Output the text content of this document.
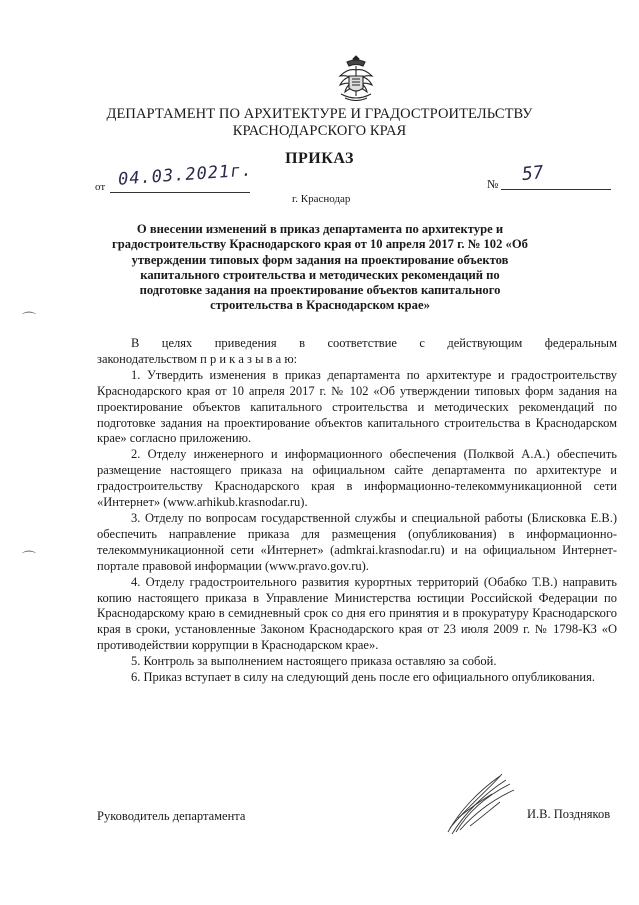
ДЕПАРТАМЕНТ ПО АРХИТЕКТУРЕ И ГРАДОСТРОИТЕЛЬСТВУ
КРАСНОДАРСКОГО КРАЯ
ПРИКАЗ
от 04.03.2021г.	№ 57
г. Краснодар
О внесении изменений в приказ департамента по архитектуре и градостроительству Краснодарского края от 10 апреля 2017 г. № 102 «Об утверждении типовых форм задания на проектирование объектов капитального строительства и методических рекомендаций по подготовке задания на проектирование объектов капитального строительства в Краснодарском крае»
⌒
⌒

В целях приведения в соответствие с действующим федеральным

законодательством п р и к а з ы в а ю:

1. Утвердить изменения в приказ департамента по архитектуре и градостроительству Краснодарского края от 10 апреля 2017 г. № 102 «Об утверждении типовых форм задания на проектирование объектов капитального строительства и методических рекомендаций по подготовке задания на проектирование объектов капитального строительства в Краснодарском крае» согласно приложению.

2. Отделу инженерного и информационного обеспечения (Полквой А.А.) обеспечить размещение настоящего приказа на официальном сайте департамента по архитектуре и градостроительству Краснодарского края в информационно-телекоммуникационной сети «Интернет» (www.arhikub.krasnodar.ru).

3. Отделу по вопросам государственной службы и специальной работы (Блисковка Е.В.) обеспечить направление приказа для размещения (опубликования) в информационно-телекоммуникационной сети «Интернет» (admkrai.krasnodar.ru) и на официальном Интернет-портале правовой информации (www.pravo.gov.ru).

4. Отделу градостроительного развития курортных территорий (Обабко Т.В.) направить копию настоящего приказа в Управление Министерства юстиции Российской Федерации по Краснодарскому краю в семидневный срок со дня его принятия и в прокуратуру Краснодарского края в сроки, установленные Законом Краснодарского края от 23 июля 2009 г. № 1798-КЗ «О противодействии коррупции в Краснодарском крае».

5. Контроль за выполнением настоящего приказа оставляю за собой.

6. Приказ вступает в силу на следующий день после его официального опубликования.

Руководитель департамента	И.В. Поздняков
